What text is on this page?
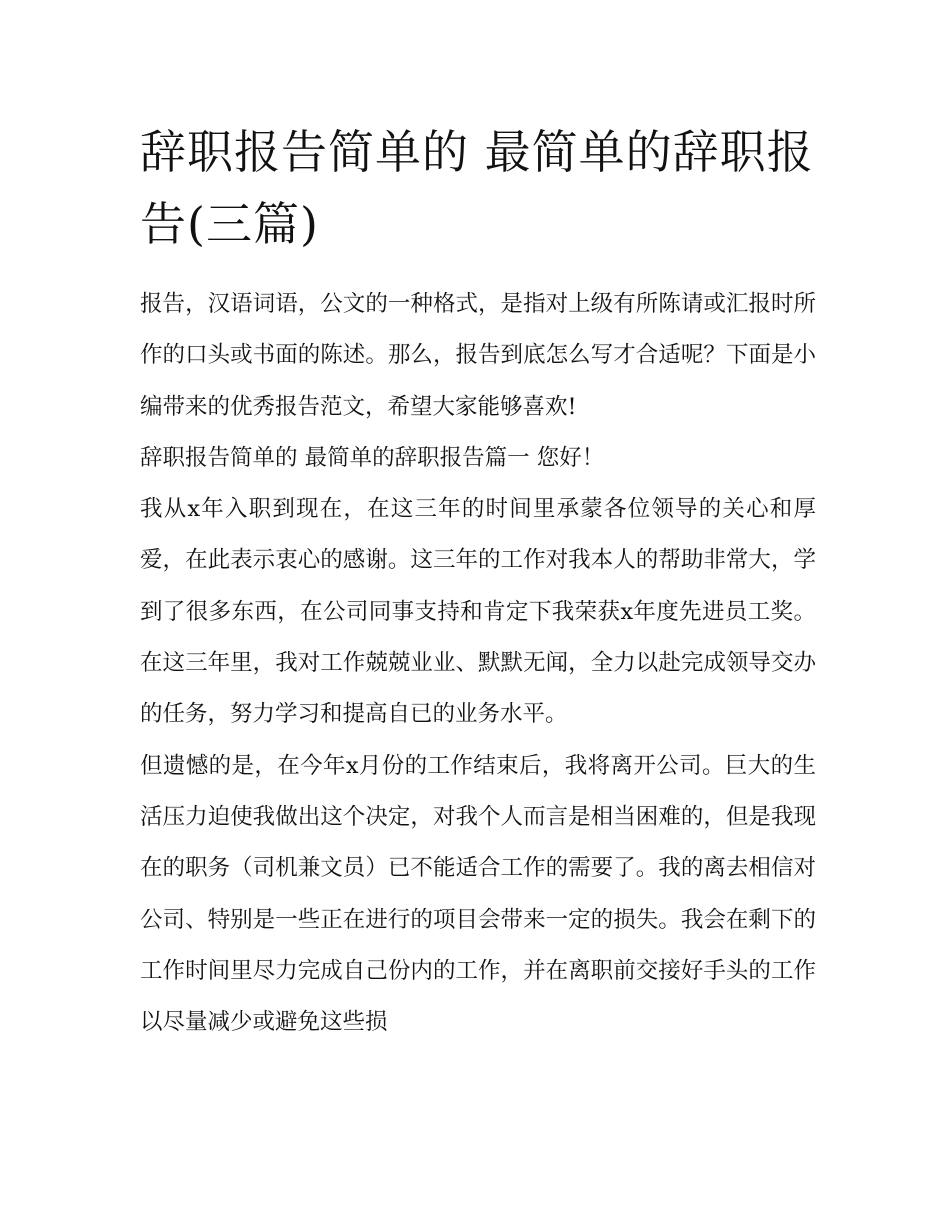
辞职报告简单的 最简单的辞职报告(三篇)

报告，汉语词语，公文的一种格式，是指对上级有所陈请或汇报时所作的口头或书面的陈述。那么，报告到底怎么写才合适呢？下面是小编带来的优秀报告范文，希望大家能够喜欢!

辞职报告简单的 最简单的辞职报告篇一 您好！

我从x年入职到现在，在这三年的时间里承蒙各位领导的关心和厚爱，在此表示衷心的感谢。这三年的工作对我本人的帮助非常大，学到了很多东西，在公司同事支持和肯定下我荣获x年度先进员工奖。在这三年里，我对工作兢兢业业、默默无闻，全力以赴完成领导交办的任务，努力学习和提高自已的业务水平。

但遗憾的是，在今年x月份的工作结束后，我将离开公司。巨大的生活压力迫使我做出这个决定，对我个人而言是相当困难的，但是我现在的职务（司机兼文员）已不能适合工作的需要了。我的离去相信对公司、特别是一些正在进行的项目会带来一定的损失。我会在剩下的工作时间里尽力完成自己份内的工作，并在离职前交接好手头的工作以尽量减少或避免这些损
